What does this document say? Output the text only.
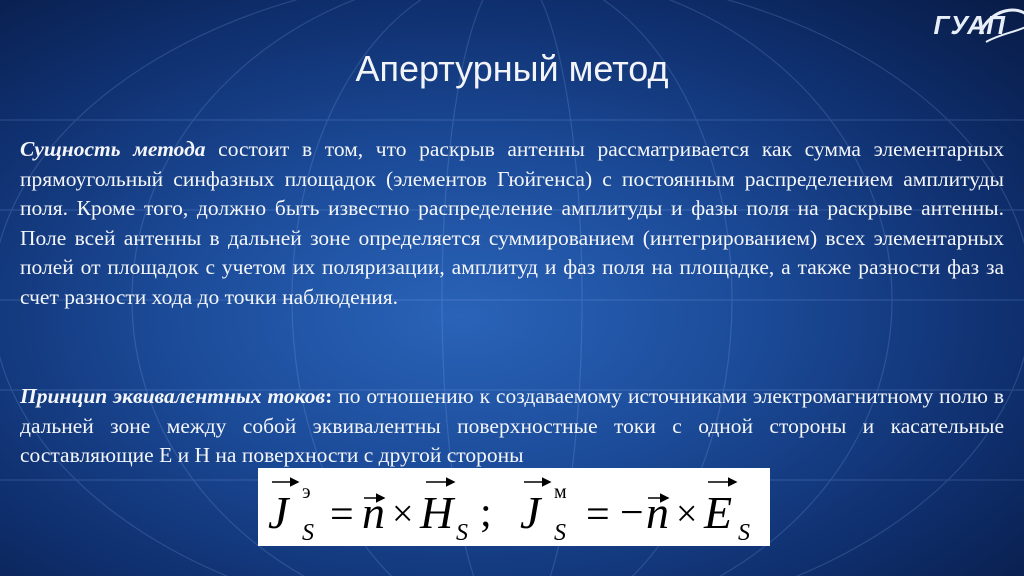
ГУАП
Апертурный метод
Сущность метода состоит в том, что раскрыв антенны рассматривается как сумма элементарных прямоугольный синфазных площадок (элементов Гюйгенса) с постоянным распределением амплитуды поля. Кроме того, должно быть известно распределение амплитуды и фазы поля на раскрыве антенны. Поле всей антенны в дальней зоне определяется суммированием (интегрированием) всех элементарных полей от площадок с учетом их поляризации, амплитуд и фаз поля на площадке, а также разности фаз за счет разности хода до точки наблюдения.
Принцип эквивалентных токов: по отношению к создаваемому источниками электромагнитному полю в дальней зоне между собой эквивалентны поверхностные токи с одной стороны и касательные составляющие E и H на поверхности с другой стороны
J э
S = n × H S ; J м
S = − n × E S
